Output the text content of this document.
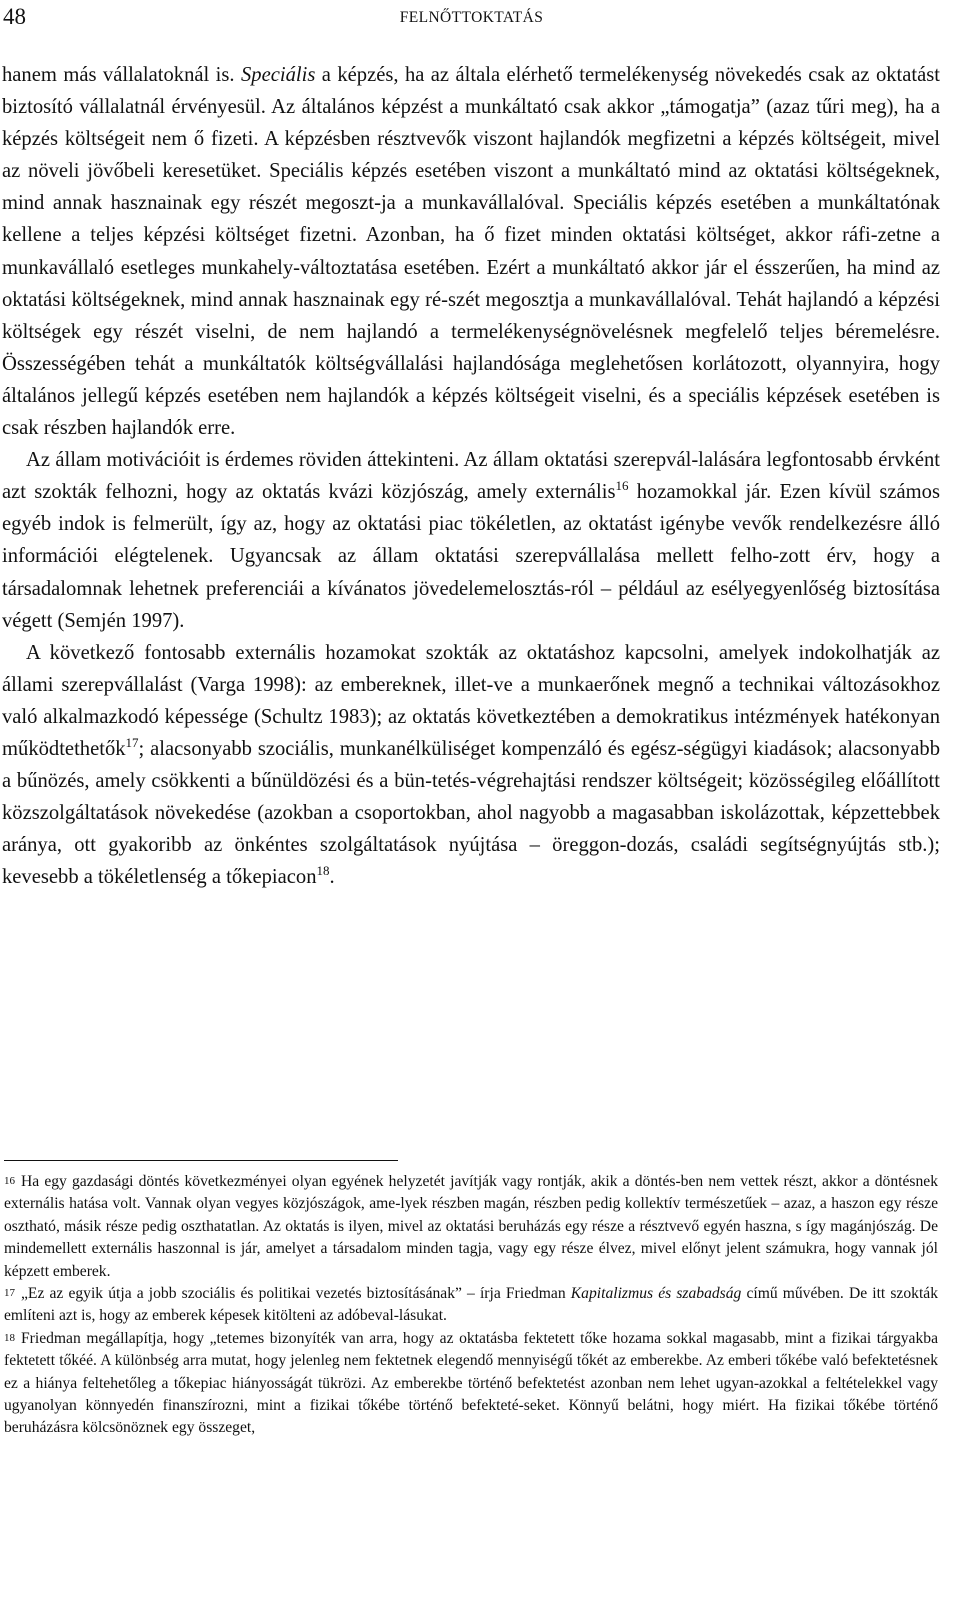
48	FELNŐTTOKTATÁS

hanem más vállalatoknál is. Speciális a képzés, ha az általa elérhető termelékenység növekedés csak az oktatást biztosító vállalatnál érvényesül. Az általános képzést a munkáltató csak akkor „támogatja” (azaz tűri meg), ha a képzés költségeit nem ő fizeti. A képzésben résztvevők viszont hajlandók megfizetni a képzés költségeit, mivel az növeli jövőbeli keresetüket. Speciális képzés esetében viszont a munkáltató mind az oktatási költségeknek, mind annak hasznainak egy részét megoszt-ja a munkavállalóval. Speciális képzés esetében a munkáltatónak kellene a teljes képzési költséget fizetni. Azonban, ha ő fizet minden oktatási költséget, akkor ráfi-zetne a munkavállaló esetleges munkahely-változtatása esetében. Ezért a munkáltató akkor jár el ésszerűen, ha mind az oktatási költségeknek, mind annak hasznainak egy ré-szét megosztja a munkavállalóval. Tehát hajlandó a képzési költségek egy részét viselni, de nem hajlandó a termelékenységnövelésnek megfelelő teljes béremelésre. Összességében tehát a munkáltatók költségvállalási hajlandósága meglehetősen korlátozott, olyannyira, hogy általános jellegű képzés esetében nem hajlandók a képzés költségeit viselni, és a speciális képzések esetében is csak részben hajlandók erre.

Az állam motivációit is érdemes röviden áttekinteni. Az állam oktatási szerepvál-lalására legfontosabb érvként azt szokták felhozni, hogy az oktatás kvázi közjószág, amely externális$^{16}$ hozamokkal jár. Ezen kívül számos egyéb indok is felmerült, így az, hogy az oktatási piac tökéletlen, az oktatást igénybe vevők rendelkezésre álló információi elégtelenek. Ugyancsak az állam oktatási szerepvállalása mellett felho-zott érv, hogy a társadalomnak lehetnek preferenciái a kívánatos jövedelemelosztás-ról – például az esélyegyenlőség biztosítása végett (Semjén 1997).

A következő fontosabb externális hozamokat szokták az oktatáshoz kapcsolni, amelyek indokolhatják az állami szerepvállalást (Varga 1998): az embereknek, illet-ve a munkaerőnek megnő a technikai változásokhoz való alkalmazkodó képessége (Schultz 1983); az oktatás következtében a demokratikus intézmények hatékonyan működtethetők$^{17}$; alacsonyabb szociális, munkanélküliséget kompenzáló és egész-ségügyi kiadások; alacsonyabb a bűnözés, amely csökkenti a bűnüldözési és a bün-tetés-végrehajtási rendszer költségeit; közösségileg előállított közszolgáltatások növekedése (azokban a csoportokban, ahol nagyobb a magasabban iskolázottak, képzettebbek aránya, ott gyakoribb az önkéntes szolgáltatások nyújtása – öreggon-dozás, családi segítségnyújtás stb.); kevesebb a tökéletlenség a tőkepiacon$^{18}$.

$^{16}$ Ha egy gazdasági döntés következményei olyan egyének helyzetét javítják vagy rontják, akik a döntés-ben nem vettek részt, akkor a döntésnek externális hatása volt. Vannak olyan vegyes közjószágok, ame-lyek részben magán, részben pedig kollektív természetűek – azaz, a haszon egy része osztható, másik része pedig oszthatatlan. Az oktatás is ilyen, mivel az oktatási beruházás egy része a résztvevő egyén haszna, s így magánjószág. De mindemellett externális haszonnal is jár, amelyet a társadalom minden tagja, vagy egy része élvez, mivel előnyt jelent számukra, hogy vannak jól képzett emberek.

$^{17}$ „Ez az egyik útja a jobb szociális és politikai vezetés biztosításának” – írja Friedman Kapitalizmus és szabadság című művében. De itt szokták említeni azt is, hogy az emberek képesek kitölteni az adóbeval-lásukat.

$^{18}$ Friedman megállapítja, hogy „tetemes bizonyíték van arra, hogy az oktatásba fektetett tőke hozama sokkal magasabb, mint a fizikai tárgyakba fektetett tőkéé. A különbség arra mutat, hogy jelenleg nem fektetnek elegendő mennyiségű tőkét az emberekbe. Az emberi tőkébe való befektetésnek ez a hiánya feltehetőleg a tőkepiac hiányosságát tükrözi. Az emberekbe történő befektetést azonban nem lehet ugyan-azokkal a feltételekkel vagy ugyanolyan könnyedén finanszírozni, mint a fizikai tőkébe történő befekteté-seket. Könnyű belátni, hogy miért. Ha fizikai tőkébe történő beruházásra kölcsönöznek egy összeget,
